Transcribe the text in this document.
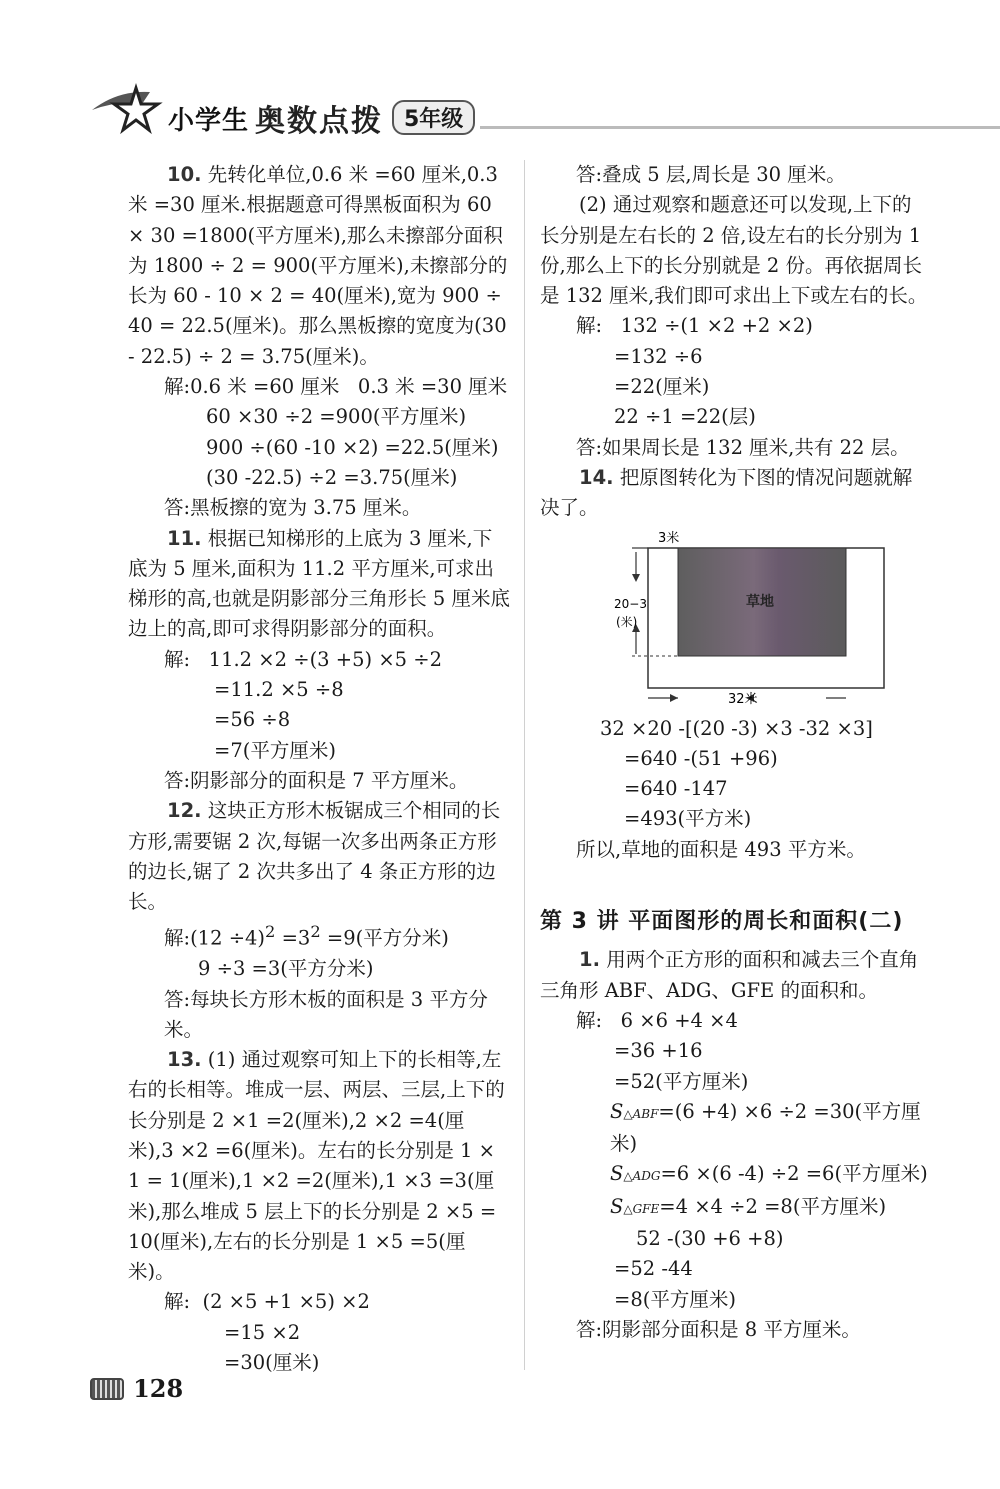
小学生 奥数点拨 5年级

10. 先转化单位,0.6 米 =60 厘米,0.3 米 =30 厘米.根据题意可得黑板面积为 60 × 30 =1800(平方厘米),那么未擦部分面积为 1800 ÷ 2 = 900(平方厘米),未擦部分的长为 60 - 10 × 2 = 40(厘米),宽为 900 ÷ 40 = 22.5(厘米)。那么黑板擦的宽度为(30 - 22.5) ÷ 2 = 3.75(厘米)。

解:0.6 米 =60 厘米   0.3 米 =30 厘米

60 ×30 ÷2 =900(平方厘米)

900 ÷(60 -10 ×2) =22.5(厘米)

(30 -22.5) ÷2 =3.75(厘米)

答:黑板擦的宽为 3.75 厘米。

11. 根据已知梯形的上底为 3 厘米,下底为 5 厘米,面积为 11.2 平方厘米,可求出梯形的高,也就是阴影部分三角形长 5 厘米底边上的高,即可求得阴影部分的面积。

解:   11.2 ×2 ÷(3 +5) ×5 ÷2

=11.2 ×5 ÷8

=56 ÷8

=7(平方厘米)

答:阴影部分的面积是 7 平方厘米。

12. 这块正方形木板锯成三个相同的长方形,需要锯 2 次,每锯一次多出两条正方形的边长,锯了 2 次共多出了 4 条正方形的边长。

解:(12 $\div 4)^2 =3^2 =9$(平方分米)

9 ÷3 =3(平方分米)

答:每块长方形木板的面积是 3 平方分米。

13. (1) 通过观察可知上下的长相等,左右的长相等。堆成一层、两层、三层,上下的长分别是 2 ×1 =2(厘米),2 ×2 =4(厘米),3 ×2 =6(厘米)。左右的长分别是 1 × 1 = 1(厘米),1 ×2 =2(厘米),1 ×3 =3(厘米),那么堆成 5 层上下的长分别是 2 ×5 = 10(厘米),左右的长分别是 1 ×5 =5(厘米)。

解:  (2 ×5 +1 ×5) ×2

=15 ×2

=30(厘米)

答:叠成 5 层,周长是 30 厘米。

(2) 通过观察和题意还可以发现,上下的长分别是左右长的 2 倍,设左右的长分别为 1 份,那么上下的长分别就是 2 份。再依据周长是 132 厘米,我们即可求出上下或左右的长。

解:   132 ÷(1 ×2 +2 ×2)

=132 ÷6

=22(厘米)

22 ÷1 =22(层)

答:如果周长是 132 厘米,共有 22 层。

14. 把原图转化为下图的情况问题就解决了。

3米
20−3
(米)
草地
32米

32 ×20 -[(20 -3) ×3 -32 ×3]

=640 -(51 +96)

=640 -147

=493(平方米)

所以,草地的面积是 493 平方米。

第 3 讲 平面图形的周长和面积(二)

1. 用两个正方形的面积和减去三个直角三角形 ABF、ADG、GFE 的面积和。

解:   6 ×6 +4 ×4

=36 +16

=52(平方厘米)

S△ABF=(6 +4) ×6 ÷2 =30(平方厘米)

S△ADG=6 ×(6 -4) ÷2 =6(平方厘米)

S△GFE=4 ×4 ÷2 =8(平方厘米)

52 -(30 +6 +8)

=52 -44

=8(平方厘米)

答:阴影部分面积是 8 平方厘米。

128
